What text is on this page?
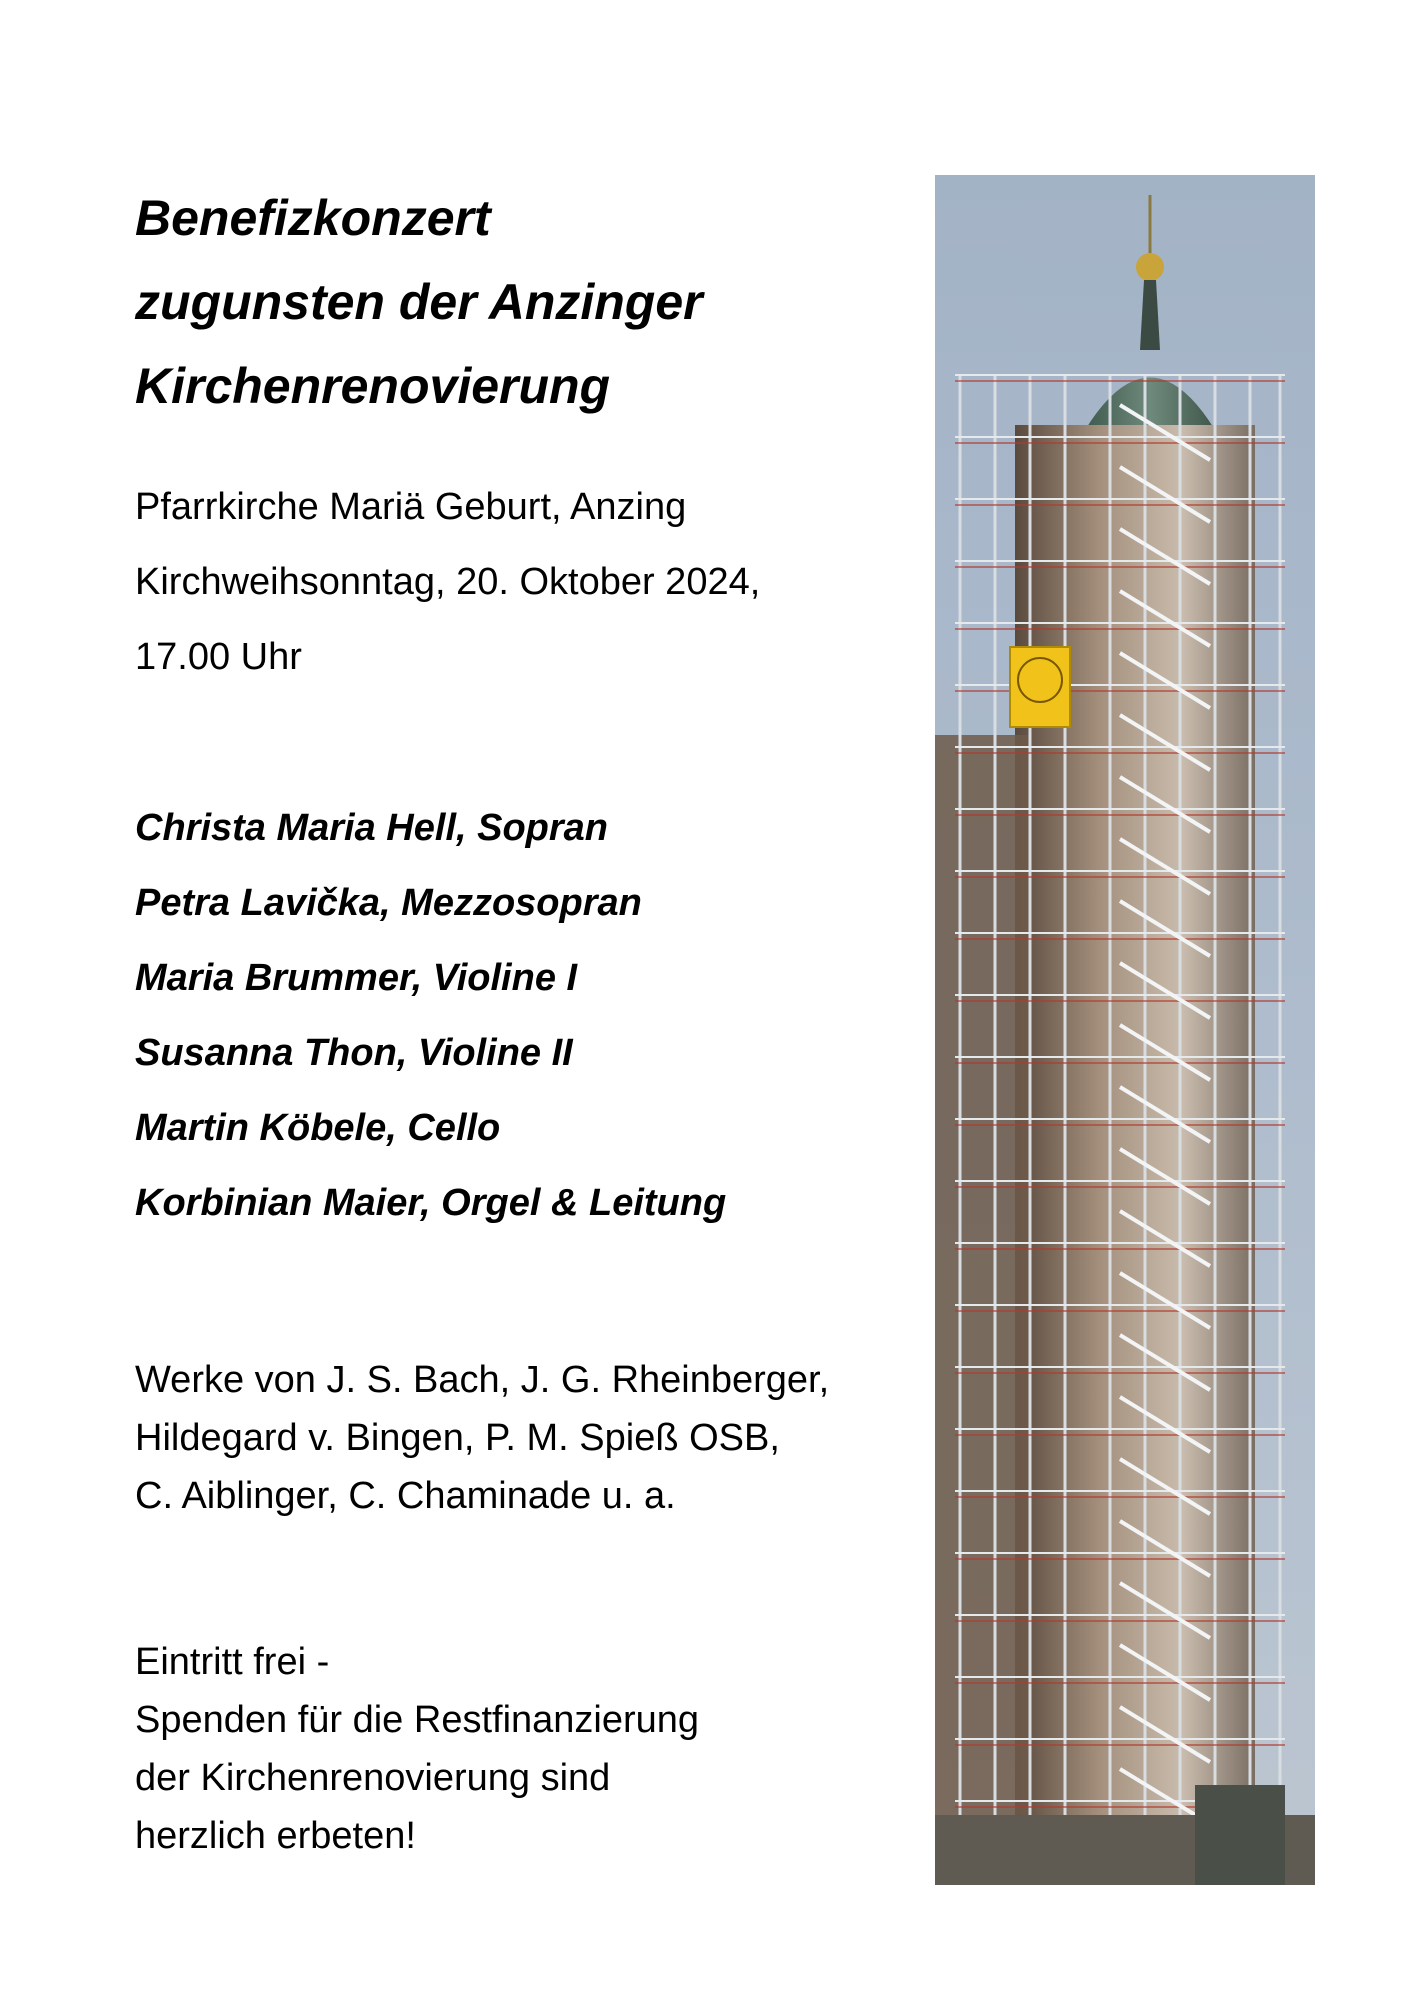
Benefizkonzert
zugunsten der Anzinger
Kirchenrenovierung
Pfarrkirche Mariä Geburt, Anzing
Kirchweihsonntag, 20. Oktober 2024,
17.00 Uhr
Christa Maria Hell, Sopran
Petra Lavička, Mezzosopran
Maria Brummer, Violine I
Susanna Thon, Violine II
Martin Köbele, Cello
Korbinian Maier, Orgel & Leitung
Werke von J. S. Bach, J. G. Rheinberger,
Hildegard v. Bingen, P. M. Spieß OSB,
C. Aiblinger, C. Chaminade u. a.
Eintritt frei -
Spenden für die Restfinanzierung
der Kirchenrenovierung sind
herzlich erbeten!
